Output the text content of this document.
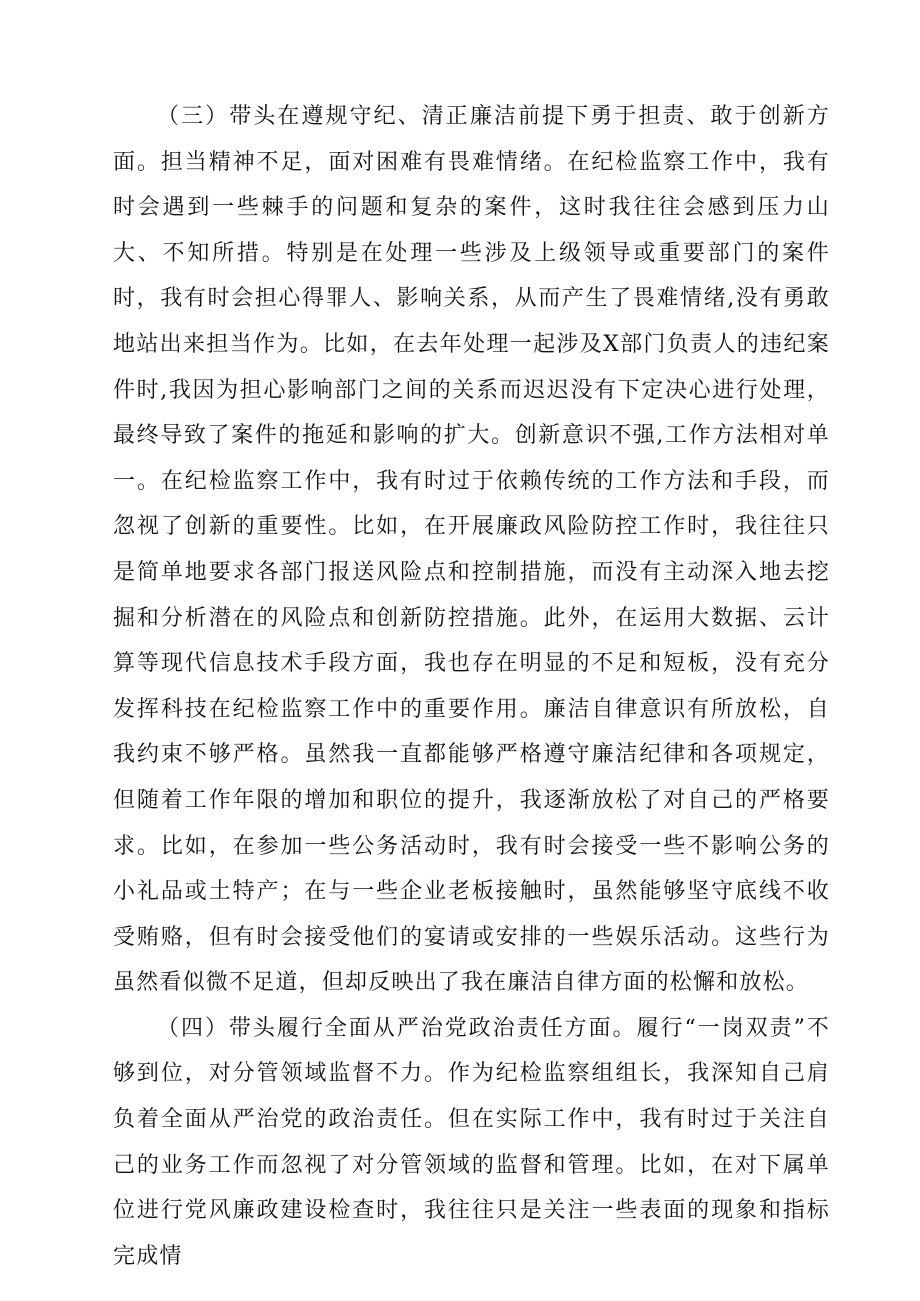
（三）带头在遵规守纪、清正廉洁前提下勇于担责、敢于创新方面。担当精神不足，面对困难有畏难情绪。在纪检监察工作中，我有时会遇到一些棘手的问题和复杂的案件，这时我往往会感到压力山大、不知所措。特别是在处理一些涉及上级领导或重要部门的案件时，我有时会担心得罪人、影响关系，从而产生了畏难情绪,没有勇敢地站出来担当作为。比如，在去年处理一起涉及X部门负责人的违纪案件时,我因为担心影响部门之间的关系而迟迟没有下定决心进行处理，最终导致了案件的拖延和影响的扩大。创新意识不强,工作方法相对单一。在纪检监察工作中，我有时过于依赖传统的工作方法和手段，而忽视了创新的重要性。比如，在开展廉政风险防控工作时，我往往只是简单地要求各部门报送风险点和控制措施，而没有主动深入地去挖掘和分析潜在的风险点和创新防控措施。此外，在运用大数据、云计算等现代信息技术手段方面，我也存在明显的不足和短板，没有充分发挥科技在纪检监察工作中的重要作用。廉洁自律意识有所放松，自我约束不够严格。虽然我一直都能够严格遵守廉洁纪律和各项规定，但随着工作年限的增加和职位的提升，我逐渐放松了对自己的严格要求。比如，在参加一些公务活动时，我有时会接受一些不影响公务的小礼品或土特产；在与一些企业老板接触时，虽然能够坚守底线不收受贿赂，但有时会接受他们的宴请或安排的一些娱乐活动。这些行为虽然看似微不足道，但却反映出了我在廉洁自律方面的松懈和放松。

（四）带头履行全面从严治党政治责任方面。履行“一岗双责”不够到位，对分管领域监督不力。作为纪检监察组组长，我深知自己肩负着全面从严治党的政治责任。但在实际工作中，我有时过于关注自己的业务工作而忽视了对分管领域的监督和管理。比如，在对下属单位进行党风廉政建设检查时，我往往只是关注一些表面的现象和指标完成情
